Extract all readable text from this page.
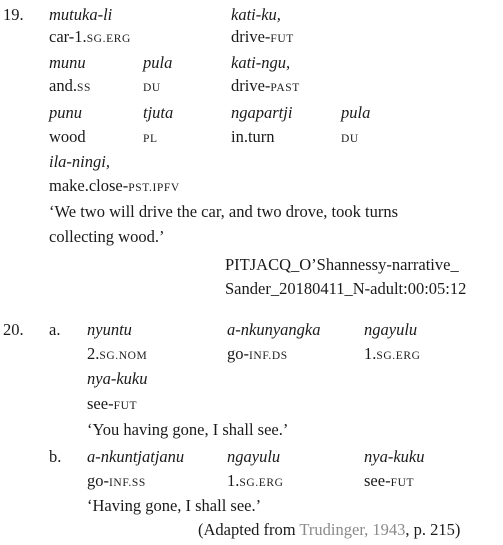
19. mutuka-li
car-1.SG.ERG
kati-ku,
drive-FUT
munu
and.SS
pula
DU
kati-ngu,
drive-PAST
punu
wood
tjuta
PL
ngapartji
in.turn
pula
DU
ila-ningi,
make.close-PST.IPFV
‘We two will drive the car, and two drove, took turns
collecting wood.’
PITJACQ_O’Shannessy-narrative_
Sander_20180411_N-adult:00:05:12
20. a. nyuntu
2.SG.NOM
a-nkunyangka
go-INF.DS
ngayulu
1.SG.ERG
nya-kuku
see-FUT
‘You having gone, I shall see.’
b. a-nkuntjatjanu
go-INF.SS
ngayulu
1.SG.ERG
nya-kuku
see-FUT
‘Having gone, I shall see.’
(Adapted from Trudinger, 1943, p. 215)
